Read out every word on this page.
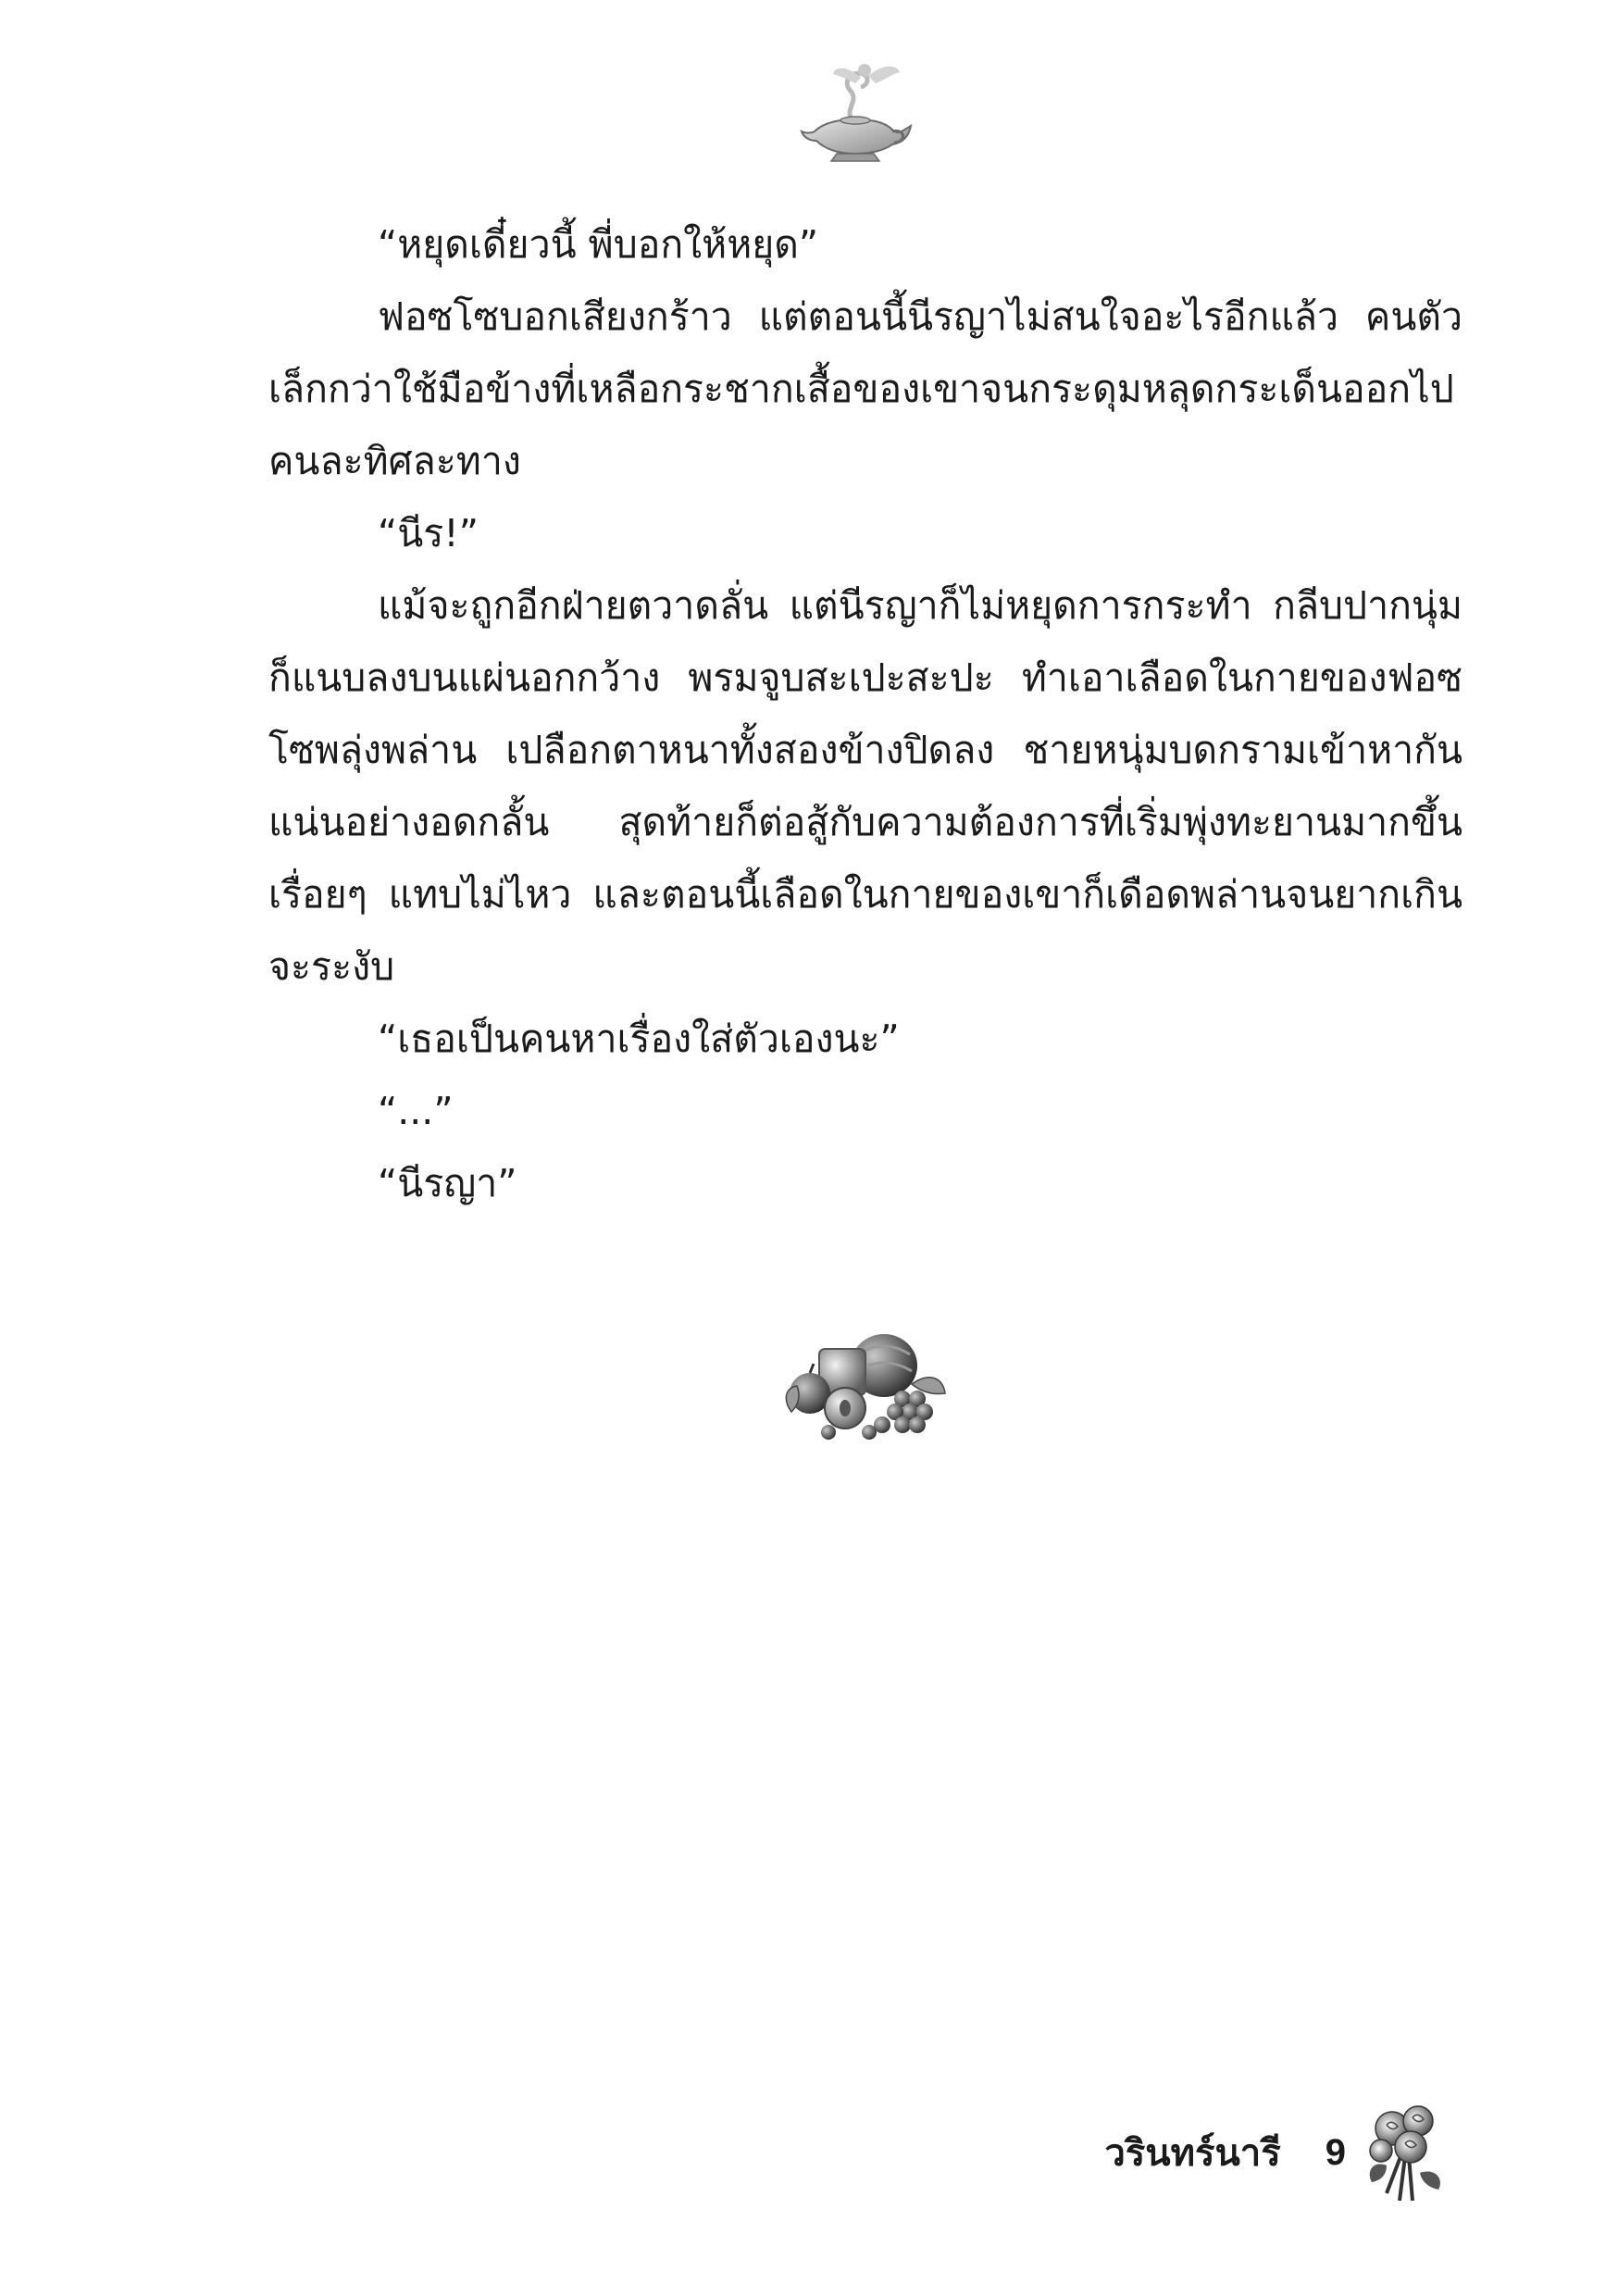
“หยุดเดี๋ยวนี้ พี่บอกให้หยุด”

ฟอซโซบอกเสียงกร้าว แต่ตอนนี้นีรญาไม่สนใจอะไรอีกแล้ว คนตัวเล็กกว่าใช้มือข้างที่เหลือกระชากเสื้อของเขาจนกระดุมหลุดกระเด็นออกไปคนละทิศละทาง

“นีร!”

แม้จะถูกอีกฝ่ายตวาดลั่น แต่นีรญาก็ไม่หยุดการกระทำ กลีบปากนุ่มก็แนบลงบนแผ่นอกกว้าง พรมจูบสะเปะสะปะ ทำเอาเลือดในกายของฟอซโซพลุ่งพล่าน เปลือกตาหนาทั้งสองข้างปิดลง ชายหนุ่มบดกรามเข้าหากันแน่นอย่างอดกลั้น สุดท้ายก็ต่อสู้กับความต้องการที่เริ่มพุ่งทะยานมากขึ้นเรื่อยๆ แทบไม่ไหว และตอนนี้เลือดในกายของเขาก็เดือดพล่านจนยากเกินจะระงับ

“เธอเป็นคนหาเรื่องใส่ตัวเองนะ”

“...”

“นีรญา”

วรินทร์นารี 9
